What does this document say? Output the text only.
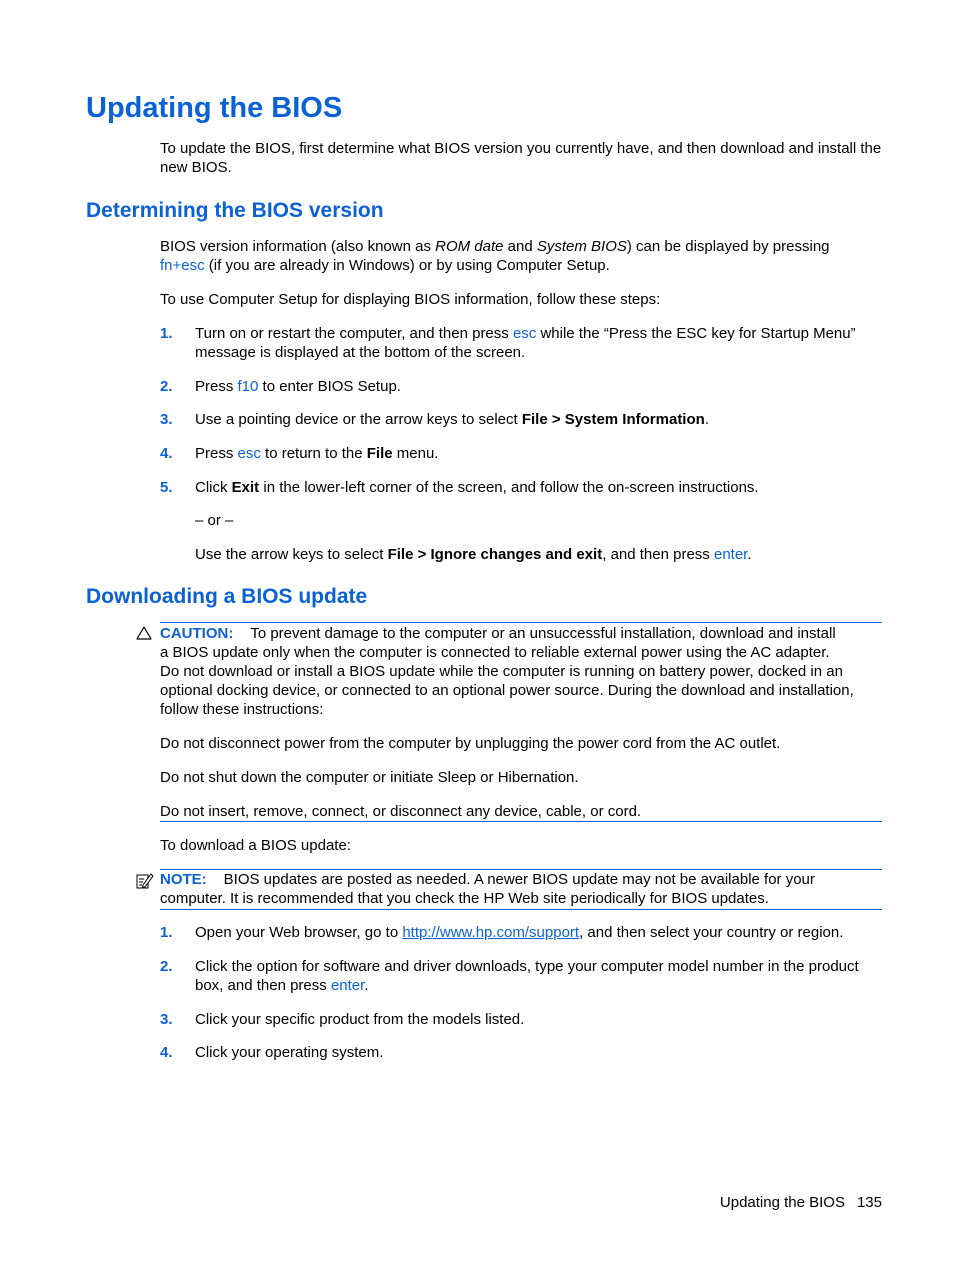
Updating the BIOS

To update the BIOS, first determine what BIOS version you currently have, and then download and install the new BIOS.

Determining the BIOS version

BIOS version information (also known as ROM date and System BIOS) can be displayed by pressing
fn+esc (if you are already in Windows) or by using Computer Setup.

To use Computer Setup for displaying BIOS information, follow these steps:

1. Turn on or restart the computer, and then press esc while the “Press the ESC key for Startup Menu”
message is displayed at the bottom of the screen.

2. Press f10 to enter BIOS Setup.

3. Use a pointing device or the arrow keys to select File > System Information.

4. Press esc to return to the File menu.

5. Click Exit in the lower-left corner of the screen, and follow the on-screen instructions.

– or –

Use the arrow keys to select File > Ignore changes and exit, and then press enter.

Downloading a BIOS update

CAUTION: To prevent damage to the computer or an unsuccessful installation, download and install
a BIOS update only when the computer is connected to reliable external power using the AC adapter.
Do not download or install a BIOS update while the computer is running on battery power, docked in an
optional docking device, or connected to an optional power source. During the download and installation,
follow these instructions:

Do not disconnect power from the computer by unplugging the power cord from the AC outlet.

Do not shut down the computer or initiate Sleep or Hibernation.

Do not insert, remove, connect, or disconnect any device, cable, or cord.

To download a BIOS update:

NOTE: BIOS updates are posted as needed. A newer BIOS update may not be available for your
computer. It is recommended that you check the HP Web site periodically for BIOS updates.

1. Open your Web browser, go to http://www.hp.com/support, and then select your country or region.

2. Click the option for software and driver downloads, type your computer model number in the product
box, and then press enter.

3. Click your specific product from the models listed.

4. Click your operating system.

Updating the BIOS 135
